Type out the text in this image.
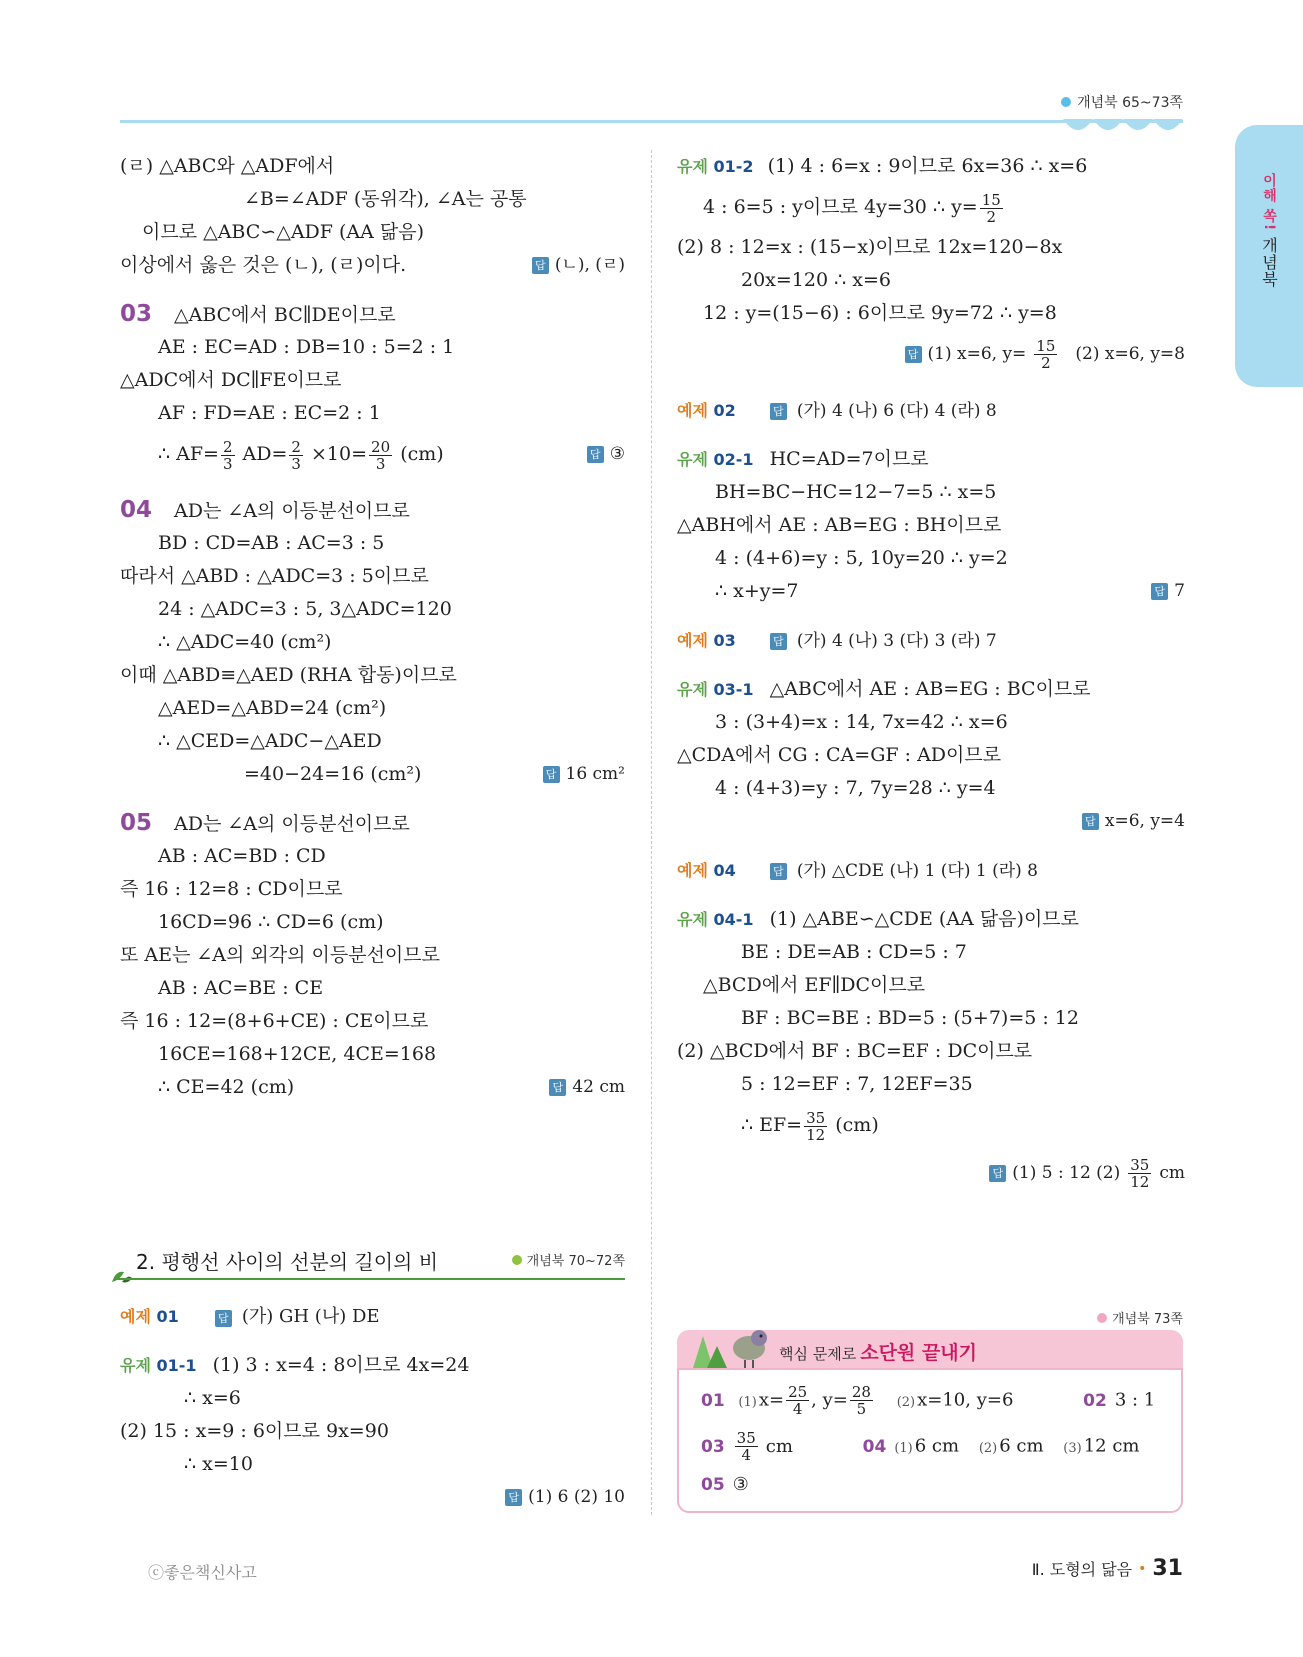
개념북 65~73쪽
이해 쏙!
개념북
(ㄹ) △ABC와 △ADF에서
∠B=∠ADF (동위각), ∠A는 공통
이므로 △ABC∽△ADF (AA 닮음)
이상에서 옳은 것은 (ㄴ), (ㄹ)이다.	답 (ㄴ), (ㄹ)
03 △ABC에서 BC∥DE이므로
AE : EC=AD : DB=10 : 5=2 : 1
△ADC에서 DC∥FE이므로
AF : FD=AE : EC=2 : 1
∴ $AF= \frac{2}{3} AD= \frac{2}{3} \times 10= \frac{20}{3} (cm)$	답 ③
04 AD는 ∠A의 이등분선이므로
BD : CD=AB : AC=3 : 5
따라서 △ABD : △ADC=3 : 5이므로
24 : △ADC=3 : 5, 3△ADC=120
∴ △ADC=40 (cm²)
이때 △ABD≡△AED (RHA 합동)이므로
△AED=△ABD=24 (cm²)
∴ △CED=△ADC−△AED
=40−24=16 (cm²)	답 16 cm²
05 AD는 ∠A의 이등분선이므로
AB : AC=BD : CD
즉 16 : 12=8 : CD이므로
16CD=96 ∴ CD=6 (cm)
또 AE는 ∠A의 외각의 이등분선이므로
AB : AC=BE : CE
즉 16 : 12=(8+6+CE) : CE이므로
16CE=168+12CE, 4CE=168
∴ CE=42 (cm)	답 42 cm
2. 평행선 사이의 선분의 길이의 비	개념북 70~72쪽
예제 01	답 (가) GH (나) DE
유제 01-1 (1) 3 : x=4 : 8이므로 4x=24
∴ x=6
(2) 15 : x=9 : 6이므로 9x=90
∴ x=10
답 (1) 6 (2) 10
유제 01-2 (1) 4 : 6=x : 9이므로 6x=36 ∴ x=6
4 : 6=5 : y이므로 4y=30 ∴ $y= \frac{15}{2}$
(2) 8 : 12=x : (15−x)이므로 12x=120−8x
20x=120 ∴ x=6
12 : y=(15−6) : 6이므로 9y=72 ∴ y=8
답 (1) x=6, $y= \frac{15}{2} (2)$ x=6, y=8
예제 02	답 (가) 4 (나) 6 (다) 4 (라) 8
유제 02-1 HC=AD=7이므로
BH=BC−HC=12−7=5 ∴ x=5
△ABH에서 AE : AB=EG : BH이므로
4 : (4+6)=y : 5, 10y=20 ∴ y=2
∴ x+y=7	답 7
예제 03	답 (가) 4 (나) 3 (다) 3 (라) 7
유제 03-1 △ABC에서 AE : AB=EG : BC이므로
3 : (3+4)=x : 14, 7x=42 ∴ x=6
△CDA에서 CG : CA=GF : AD이므로
4 : (4+3)=y : 7, 7y=28 ∴ y=4
답 x=6, y=4
예제 04	답 (가) △CDE (나) 1 (다) 1 (라) 8
유제 04-1 (1) △ABE∽△CDE (AA 닮음)이므로
BE : DE=AB : CD=5 : 7
△BCD에서 EF∥DC이므로
BF : BC=BE : BD=5 : (5+7)=5 : 12
(2) △BCD에서 BF : BC=EF : DC이므로
5 : 12=EF : 7, 12EF=35
∴ $EF= \frac{35}{12} (cm)$
답 (1) 5 : 12 $(2) \frac{35}{12}$ cm
개념북 73쪽
핵심 문제로 소단원 끝내기
01 (1) $x= \frac{25}{4}$ , $y= \frac{28}{5} (2)$ x=10, y=6	02 3 : 1
$03 \frac{35}{4}$ cm	04 (1) 6 cm (2) 6 cm (3) 12 cm
05 ③
ⓒ좋은책신사고	Ⅱ. 도형의 닮음 • 31
